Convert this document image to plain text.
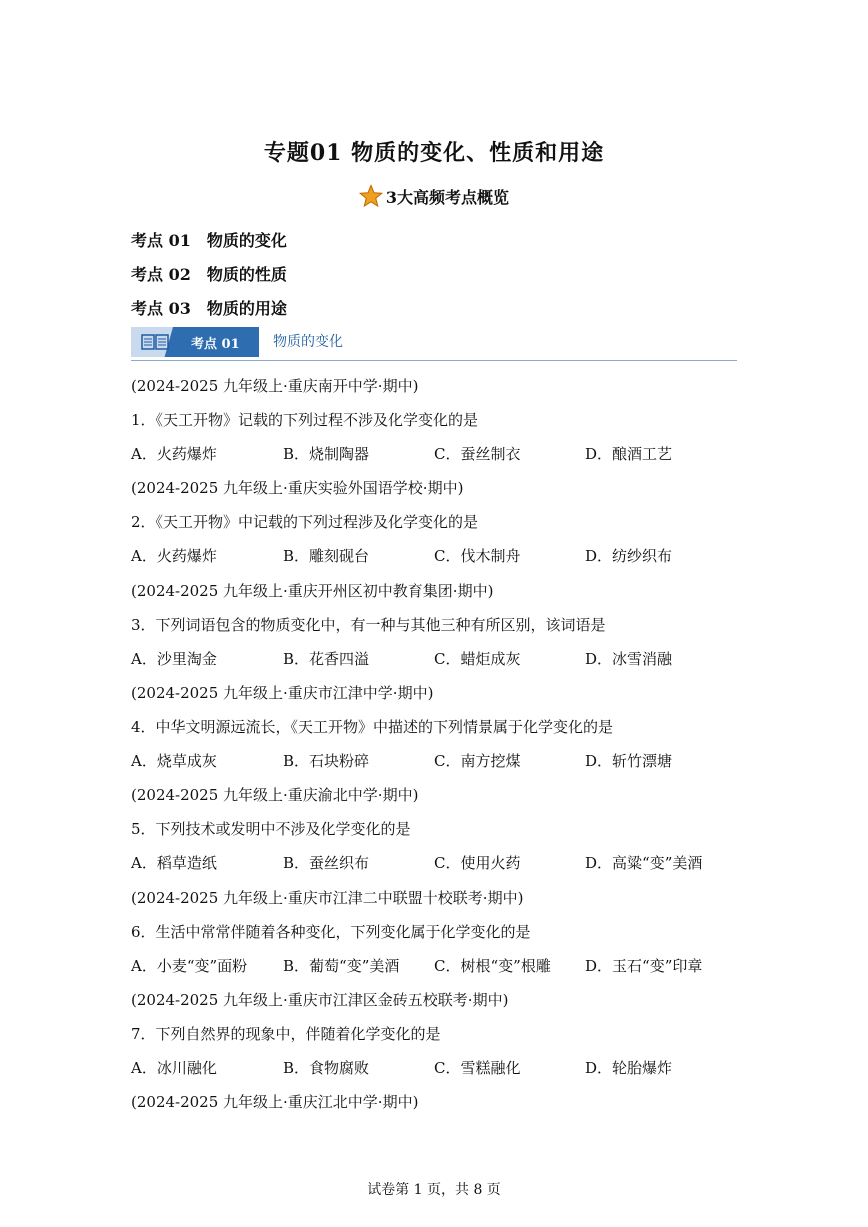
专题01 物质的变化、性质和用途
3大高频考点概览
考点 01 物质的变化
考点 02 物质的性质
考点 03 物质的用途
考点 01 物质的变化
(2024-2025 九年级上·重庆南开中学·期中)
1．《天工开物》记载的下列过程不涉及化学变化的是
A．火药爆炸	B．烧制陶器	C．蚕丝制衣	D．酿酒工艺
(2024-2025 九年级上·重庆实验外国语学校·期中)
2．《天工开物》中记载的下列过程涉及化学变化的是
A．火药爆炸	B．雕刻砚台	C．伐木制舟	D．纺纱织布
(2024-2025 九年级上·重庆开州区初中教育集团·期中)
3．下列词语包含的物质变化中，有一种与其他三种有所区别，该词语是
A．沙里淘金	B．花香四溢	C．蜡炬成灰	D．冰雪消融
(2024-2025 九年级上·重庆市江津中学·期中)
4．中华文明源远流长，《天工开物》中描述的下列情景属于化学变化的是
A．烧草成灰	B．石块粉碎	C．南方挖煤	D．斩竹漂塘
(2024-2025 九年级上·重庆渝北中学·期中)
5．下列技术或发明中不涉及化学变化的是
A．稻草造纸	B．蚕丝织布	C．使用火药	D．高粱“变”美酒
(2024-2025 九年级上·重庆市江津二中联盟十校联考·期中)
6．生活中常常伴随着各种变化，下列变化属于化学变化的是
A．小麦“变”面粉 B．葡萄“变”美酒 C．树根“变”根雕 D．玉石“变”印章
(2024-2025 九年级上·重庆市江津区金砖五校联考·期中)
7．下列自然界的现象中，伴随着化学变化的是
A．冰川融化	B．食物腐败	C．雪糕融化	D．轮胎爆炸
(2024-2025 九年级上·重庆江北中学·期中)
试卷第 1 页，共 8 页
